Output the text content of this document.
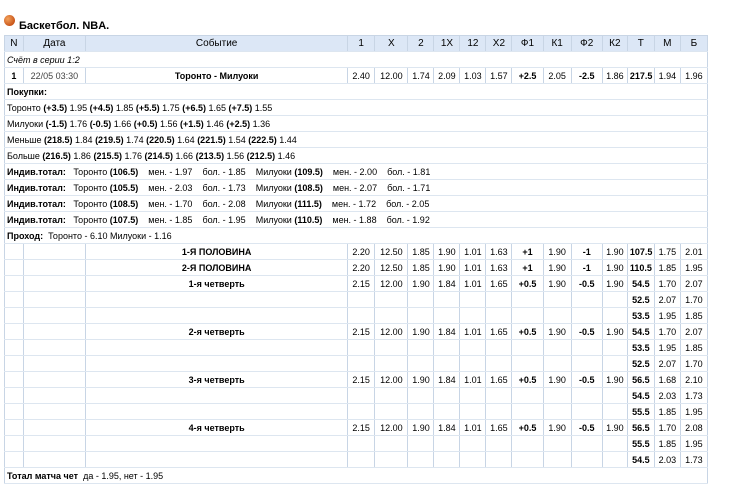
Баскетбол. NBA.
N	Дата	Событие	1	X	2	1X	12	X2	Ф1	К1	Ф2	К2	Т	М	Б
Счёт в серии 1:2															
1	22/05 03:30	Торонто - Милуоки	2.40	12.00	1.74	2.09	1.03	1.57	+2.5	2.05	-2.5	1.86	217.5	1.94	1.96
Покупки:															
Торонто (+3.5) 1.95 (+4.5) 1.85 (+5.5) 1.75 (+6.5) 1.65 (+7.5) 1.55															
Милуоки (-1.5) 1.76 (-0.5) 1.66 (+0.5) 1.56 (+1.5) 1.46 (+2.5) 1.36															
Меньше (218.5) 1.84 (219.5) 1.74 (220.5) 1.64 (221.5) 1.54 (222.5) 1.44															
Больше (216.5) 1.86 (215.5) 1.76 (214.5) 1.66 (213.5) 1.56 (212.5) 1.46															
Индив.тотал: Торонто (106.5) мен. - 1.97 бол. - 1.85 Милуоки (109.5) мен. - 2.00 бол. - 1.81															
Индив.тотал: Торонто (105.5) мен. - 2.03 бол. - 1.73 Милуоки (108.5) мен. - 2.07 бол. - 1.71															
Индив.тотал: Торонто (108.5) мен. - 1.70 бол. - 2.08 Милуоки (111.5) мен. - 1.72 бол. - 2.05															
Индив.тотал: Торонто (107.5) мен. - 1.85 бол. - 1.95 Милуоки (110.5) мен. - 1.88 бол. - 1.92															
Проход: Торонто - 6.10 Милуоки - 1.16															
		1-Я ПОЛОВИНА	2.20	12.50	1.85	1.90	1.01	1.63	+1	1.90	-1	1.90	107.5	1.75	2.01
		2-Я ПОЛОВИНА	2.20	12.50	1.85	1.90	1.01	1.63	+1	1.90	-1	1.90	110.5	1.85	1.95
		1-я четверть	2.15	12.00	1.90	1.84	1.01	1.65	+0.5	1.90	-0.5	1.90	54.5	1.70	2.07
													52.5	2.07	1.70
													53.5	1.95	1.85
		2-я четверть	2.15	12.00	1.90	1.84	1.01	1.65	+0.5	1.90	-0.5	1.90	54.5	1.70	2.07
													53.5	1.95	1.85
													52.5	2.07	1.70
		3-я четверть	2.15	12.00	1.90	1.84	1.01	1.65	+0.5	1.90	-0.5	1.90	56.5	1.68	2.10
													54.5	2.03	1.73
													55.5	1.85	1.95
		4-я четверть	2.15	12.00	1.90	1.84	1.01	1.65	+0.5	1.90	-0.5	1.90	56.5	1.70	2.08
													55.5	1.85	1.95
													54.5	2.03	1.73
Тотал матча чет да - 1.95, нет - 1.95															
